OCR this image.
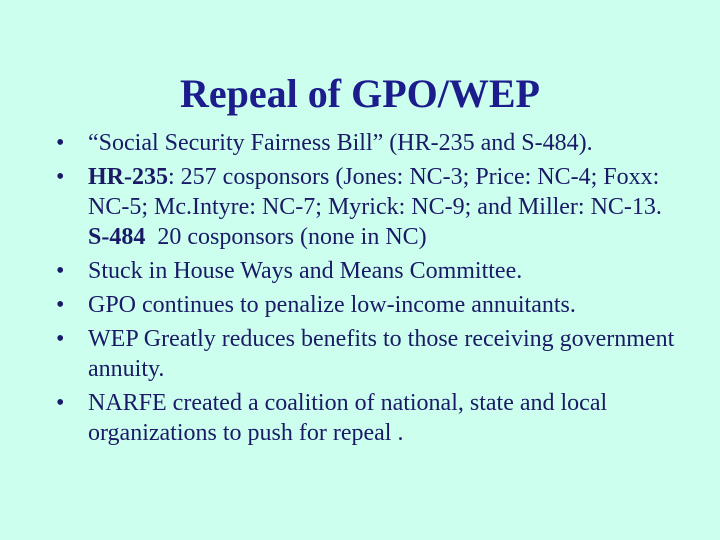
Repeal of GPO/WEP
• “Social Security Fairness Bill” (HR-235 and S-484).
• HR-235: 257 cosponsors (Jones: NC-3; Price: NC-4; Foxx: NC-5; Mc.Intyre: NC-7; Myrick: NC-9; and Miller: NC-13. S-484  20 cosponsors (none in NC)
• Stuck in House Ways and Means Committee.
• GPO continues to penalize low-income annuitants.
• WEP Greatly reduces benefits to those receiving government annuity.
• NARFE created a coalition of national, state and local organizations to push for repeal .
